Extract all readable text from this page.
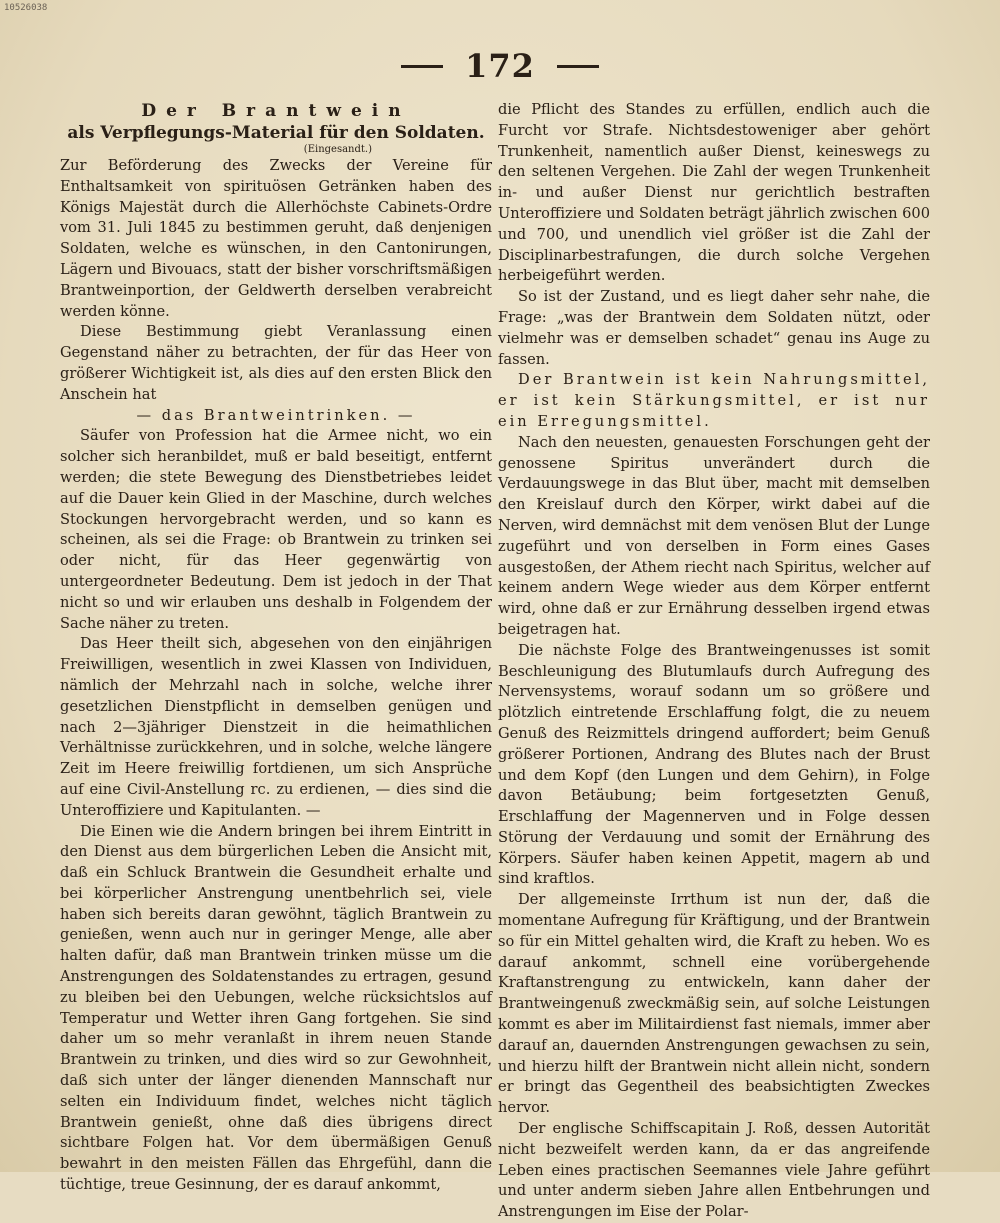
10526038
172
Der Brantwein
als Verpflegungs-Material für den Soldaten.
(Eingesandt.)

Zur Beförderung des Zwecks der Vereine für Enthaltsamkeit von spirituösen Getränken haben des Königs Majestät durch die Allerhöchste Cabinets-Ordre vom 31. Juli 1845 zu bestimmen geruht, daß denjenigen Soldaten, welche es wünschen, in den Cantonirungen, Lägern und Bivouacs, statt der bisher vorschriftsmäßigen Brantweinportion, der Geldwerth derselben verabreicht werden könne.

Diese Bestimmung giebt Veranlassung einen Gegenstand näher zu betrachten, der für das Heer von größerer Wichtigkeit ist, als dies auf den ersten Blick den Anschein hat

— das Brantweintrinken. —

Säufer von Profession hat die Armee nicht, wo ein solcher sich heranbildet, muß er bald beseitigt, entfernt werden; die stete Bewegung des Dienstbetriebes leidet auf die Dauer kein Glied in der Maschine, durch welches Stockungen hervorgebracht werden, und so kann es scheinen, als sei die Frage: ob Brantwein zu trinken sei oder nicht, für das Heer gegenwärtig von untergeordneter Bedeutung. Dem ist jedoch in der That nicht so und wir erlauben uns deshalb in Folgendem der Sache näher zu treten.

Das Heer theilt sich, abgesehen von den einjährigen Freiwilligen, wesentlich in zwei Klassen von Individuen, nämlich der Mehrzahl nach in solche, welche ihrer gesetzlichen Dienstpflicht in demselben genügen und nach 2—3jähriger Dienstzeit in die heimathlichen Verhältnisse zurückkehren, und in solche, welche längere Zeit im Heere freiwillig fortdienen, um sich Ansprüche auf eine Civil-Anstellung rc. zu erdienen, — dies sind die Unteroffiziere und Kapitulanten. —

Die Einen wie die Andern bringen bei ihrem Eintritt in den Dienst aus dem bürgerlichen Leben die Ansicht mit, daß ein Schluck Brantwein die Gesundheit erhalte und bei körperlicher Anstrengung unentbehrlich sei, viele haben sich bereits daran gewöhnt, täglich Brantwein zu genießen, wenn auch nur in geringer Menge, alle aber halten dafür, daß man Brantwein trinken müsse um die Anstrengungen des Soldatenstandes zu ertragen, gesund zu bleiben bei den Uebungen, welche rücksichtslos auf Temperatur und Wetter ihren Gang fortgehen. Sie sind daher um so mehr veranlaßt in ihrem neuen Stande Brantwein zu trinken, und dies wird so zur Gewohnheit, daß sich unter der länger dienenden Mannschaft nur selten ein Individuum findet, welches nicht täglich Brantwein genießt, ohne daß dies übrigens direct sichtbare Folgen hat. Vor dem übermäßigen Genuß bewahrt in den meisten Fällen das Ehrgefühl, dann die tüchtige, treue Gesinnung, der es darauf ankommt,

die Pflicht des Standes zu erfüllen, endlich auch die Furcht vor Strafe. Nichtsdestoweniger aber gehört Trunkenheit, namentlich außer Dienst, keineswegs zu den seltenen Vergehen. Die Zahl der wegen Trunkenheit in- und außer Dienst nur gerichtlich bestraften Unteroffiziere und Soldaten beträgt jährlich zwischen 600 und 700, und unendlich viel größer ist die Zahl der Disciplinarbestrafungen, die durch solche Vergehen herbeigeführt werden.

So ist der Zustand, und es liegt daher sehr nahe, die Frage: „was der Brantwein dem Soldaten nützt, oder vielmehr was er demselben schadet“ genau ins Auge zu fassen.

Der Brantwein ist kein Nahrungsmittel, er ist kein Stärkungsmittel, er ist nur ein Erregungsmittel.

Nach den neuesten, genauesten Forschungen geht der genossene Spiritus unverändert durch die Verdauungswege in das Blut über, macht mit demselben den Kreislauf durch den Körper, wirkt dabei auf die Nerven, wird demnächst mit dem venösen Blut der Lunge zugeführt und von derselben in Form eines Gases ausgestoßen, der Athem riecht nach Spiritus, welcher auf keinem andern Wege wieder aus dem Körper entfernt wird, ohne daß er zur Ernährung desselben irgend etwas beigetragen hat.

Die nächste Folge des Brantweingenusses ist somit Beschleunigung des Blutumlaufs durch Aufregung des Nervensystems, worauf sodann um so größere und plötzlich eintretende Erschlaffung folgt, die zu neuem Genuß des Reizmittels dringend auffordert; beim Genuß größerer Portionen, Andrang des Blutes nach der Brust und dem Kopf (den Lungen und dem Gehirn), in Folge davon Betäubung; beim fortgesetzten Genuß, Erschlaffung der Magennerven und in Folge dessen Störung der Verdauung und somit der Ernährung des Körpers. Säufer haben keinen Appetit, magern ab und sind kraftlos.

Der allgemeinste Irrthum ist nun der, daß die momentane Aufregung für Kräftigung, und der Brantwein so für ein Mittel gehalten wird, die Kraft zu heben. Wo es darauf ankommt, schnell eine vorübergehende Kraftanstrengung zu entwickeln, kann daher der Brantweingenuß zweckmäßig sein, auf solche Leistungen kommt es aber im Militairdienst fast niemals, immer aber darauf an, dauernden Anstrengungen gewachsen zu sein, und hierzu hilft der Brantwein nicht allein nicht, sondern er bringt das Gegentheil des beabsichtigten Zweckes hervor.

Der englische Schiffscapitain J. Roß, dessen Autorität nicht bezweifelt werden kann, da er das angreifende Leben eines practischen Seemannes viele Jahre geführt und unter anderm sieben Jahre allen Entbehrungen und Anstrengungen im Eise der Polar-
